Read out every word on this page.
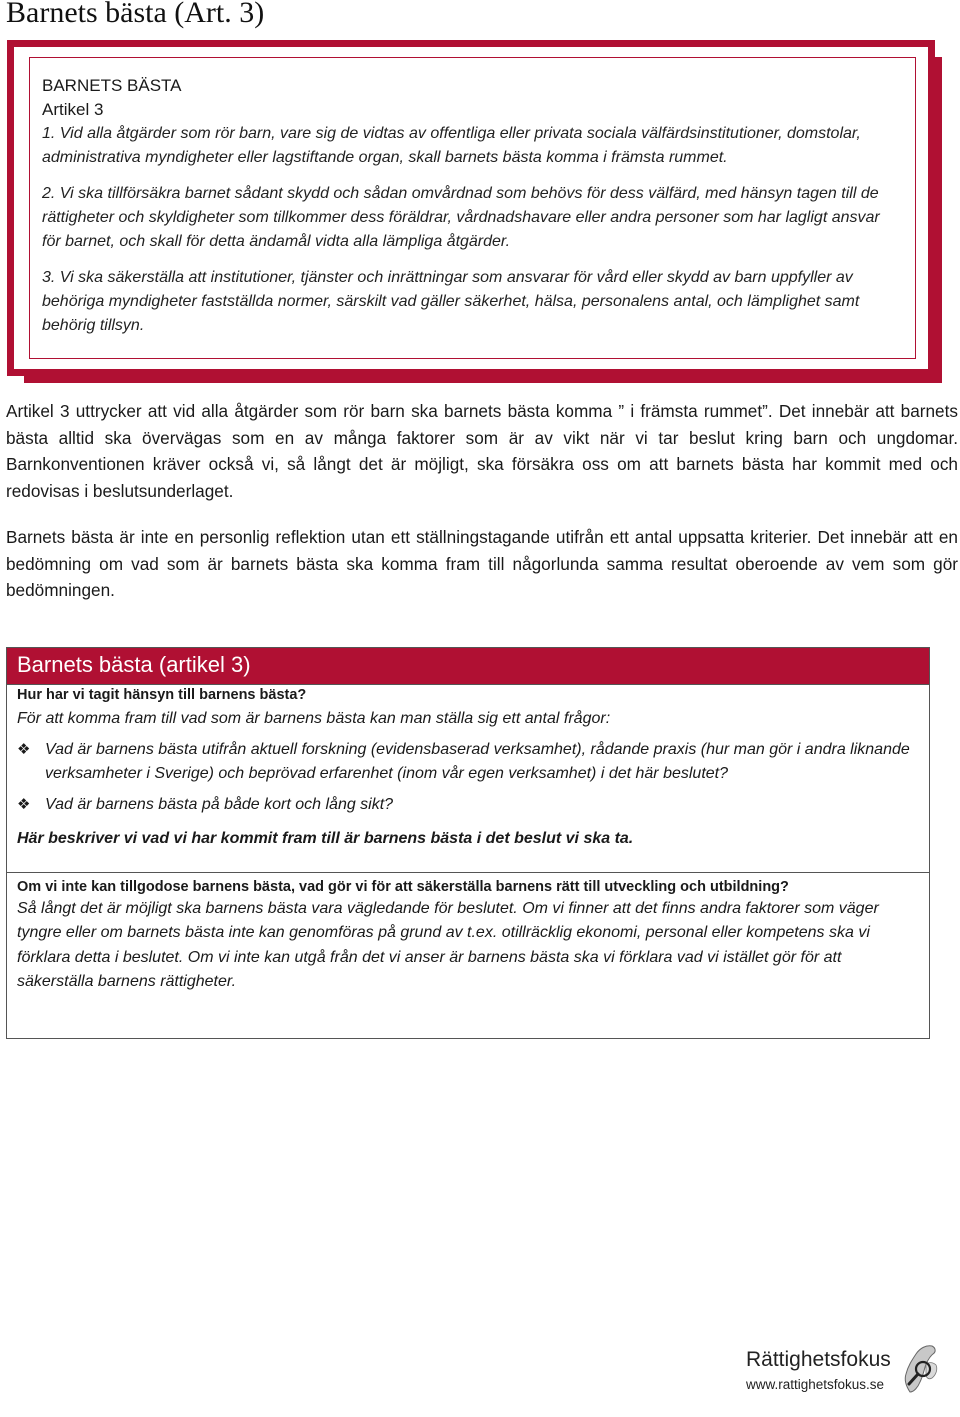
Barnets bästa (Art. 3)

BARNETS BÄSTA

Artikel 3

1. Vid alla åtgärder som rör barn, vare sig de vidtas av offentliga eller privata sociala välfärdsinstitutioner, domstolar, administrativa myndigheter eller lagstiftande organ, skall barnets bästa komma i främsta rummet.

2. Vi ska tillförsäkra barnet sådant skydd och sådan omvårdnad som behövs för dess välfärd, med hänsyn tagen till de rättigheter och skyldigheter som tillkommer dess föräldrar, vårdnadshavare eller andra personer som har lagligt ansvar för barnet, och skall för detta ändamål vidta alla lämpliga åtgärder.

3. Vi ska säkerställa att institutioner, tjänster och inrättningar som ansvarar för vård eller skydd av barn uppfyller av behöriga myndigheter fastställda normer, särskilt vad gäller säkerhet, hälsa, personalens antal, och lämplighet samt behörig tillsyn.

Artikel 3 uttrycker att vid alla åtgärder som rör barn ska barnets bästa komma ” i främsta rummet”. Det innebär att barnets bästa alltid ska övervägas som en av många faktorer som är av vikt när vi tar beslut kring barn och ungdomar. Barnkonventionen kräver också vi, så långt det är möjligt, ska försäkra oss om att barnets bästa har kommit med och redovisas i beslutsunderlaget.

Barnets bästa är inte en personlig reflektion utan ett ställningstagande utifrån ett antal uppsatta kriterier. Det innebär att en bedömning om vad som är barnets bästa ska komma fram till någorlunda samma resultat oberoende av vem som gör bedömningen.

Barnets bästa (artikel 3)
Hur har vi tagit hänsyn till barnens bästa?

För att komma fram till vad som är barnens bästa kan man ställa sig ett antal frågor:

❖ Vad är barnens bästa utifrån aktuell forskning (evidensbaserad verksamhet), rådande praxis (hur man gör i andra liknande verksamheter i Sverige) och beprövad erfarenhet (inom vår egen verksamhet) i det här beslutet?
❖ Vad är barnens bästa på både kort och lång sikt?

Här beskriver vi vad vi har kommit fram till är barnens bästa i det beslut vi ska ta.

Om vi inte kan tillgodose barnens bästa, vad gör vi för att säkerställa barnens rätt till utveckling och utbildning?

Så långt det är möjligt ska barnens bästa vara vägledande för beslutet. Om vi finner att det finns andra faktorer som väger tyngre eller om barnets bästa inte kan genomföras på grund av t.ex. otillräcklig ekonomi, personal eller kompetens ska vi förklara detta i beslutet. Om vi inte kan utgå från det vi anser är barnens bästa ska vi förklara vad vi istället gör för att säkerställa barnens rättigheter.

Rättighetsfokus
www.rattighetsfokus.se
